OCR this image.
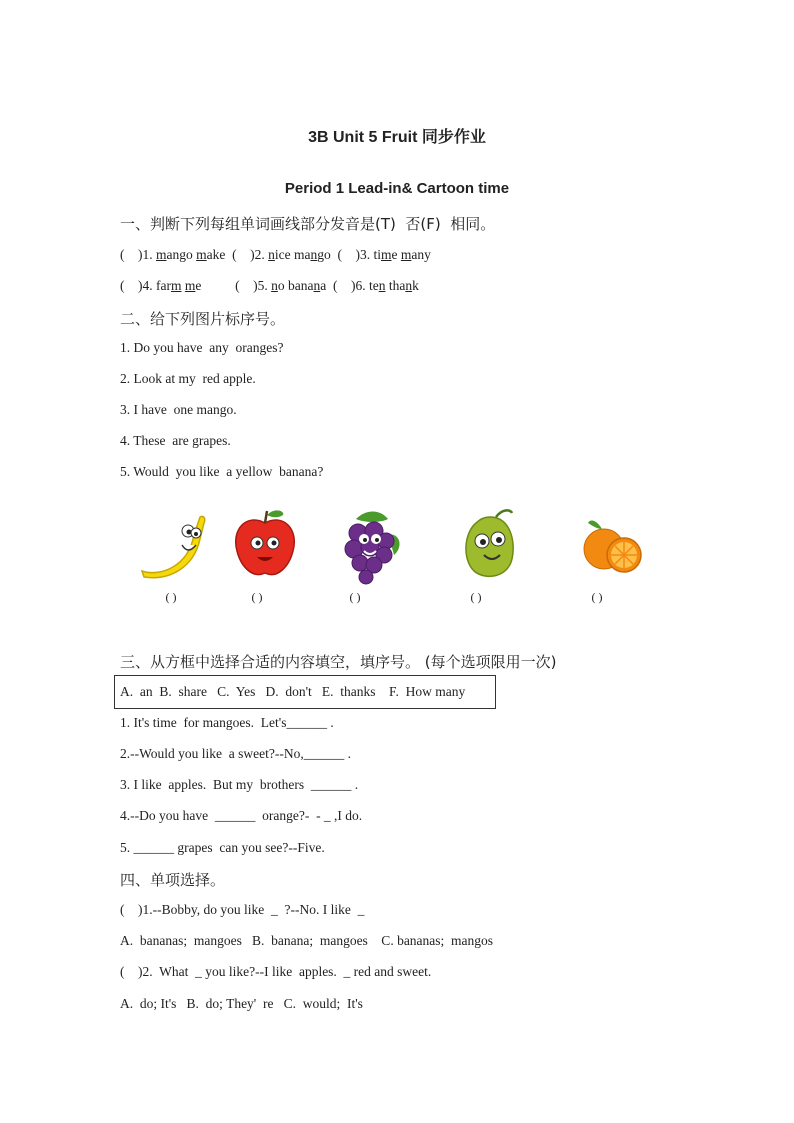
3B Unit 5 Fruit 同步作业
Period 1 Lead-in& Cartoon time
一、判断下列每组单词画线部分发音是(T)  否(F)  相同。
(    )1. mango make  (    )2. nice mango  (    )3. time many
(    )4. farm me          (    )5. no banana  (    )6. ten thank
二、给下列图片标序号。
1. Do you have  any  oranges?
2. Look at my  red apple.
3. I have  one mango.
4. These  are grapes.
5. Would  you like  a yellow  banana?
( )	( )	( )	( )	( )
三、从方框中选择合适的内容填空，填序号。 (每个选项限用一次)
A.  an  B.  share   C.  Yes   D.  don't   E.  thanks    F.  How many
1. It's time  for mangoes.  Let's______ .
2.--Would you like  a sweet?--No,______ .
3. I like  apples.  But my  brothers  ______ .
4.--Do you have  ______  orange?-  - _ ,I do.
5. ______ grapes  can you see?--Five.
四、单项选择。
(    )1.--Bobby, do you like  _  ?--No. I like  _
A.  bananas;  mangoes   B.  banana;  mangoes    C. bananas;  mangos
(    )2.  What  _ you like?--I like  apples.  _ red and sweet.
A.  do; It's   B.  do; They'  re   C.  would;  It's
